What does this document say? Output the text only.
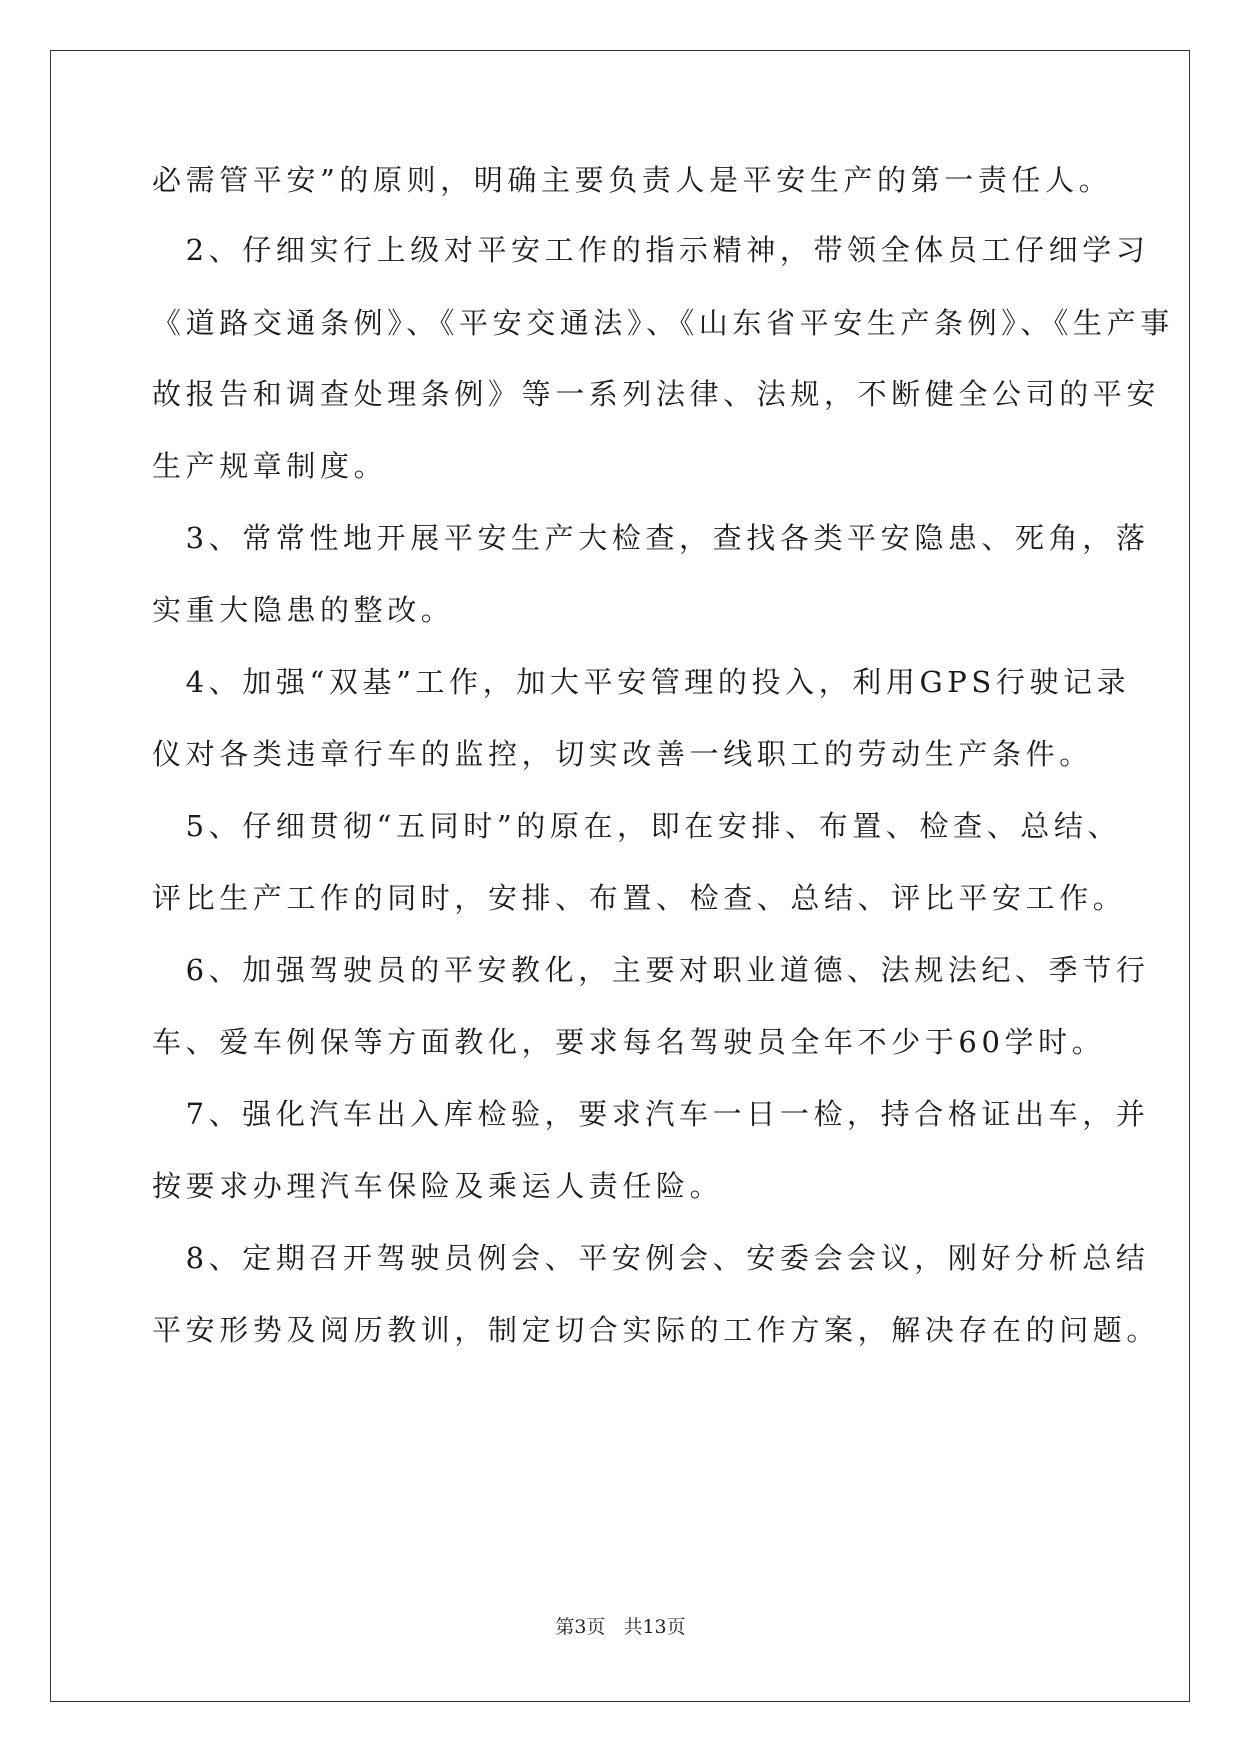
必需管平安”的原则，明确主要负责人是平安生产的第一责任人。
　2、仔细实行上级对平安工作的指示精神，带领全体员工仔细学习
《道路交通条例》、《平安交通法》、《山东省平安生产条例》、《生产事
故报告和调查处理条例》等一系列法律、法规，不断健全公司的平安
生产规章制度。
　3、常常性地开展平安生产大检查，查找各类平安隐患、死角，落
实重大隐患的整改。
　4、加强“双基”工作，加大平安管理的投入，利用GPS行驶记录
仪对各类违章行车的监控，切实改善一线职工的劳动生产条件。
　5、仔细贯彻“五同时”的原在，即在安排、布置、检查、总结、
评比生产工作的同时，安排、布置、检查、总结、评比平安工作。
　6、加强驾驶员的平安教化，主要对职业道德、法规法纪、季节行
车、爱车例保等方面教化，要求每名驾驶员全年不少于60学时。
　7、强化汽车出入库检验，要求汽车一日一检，持合格证出车，并
按要求办理汽车保险及乘运人责任险。
　8、定期召开驾驶员例会、平安例会、安委会会议，刚好分析总结
平安形势及阅历教训，制定切合实际的工作方案，解决存在的问题。
第3页 共13页
